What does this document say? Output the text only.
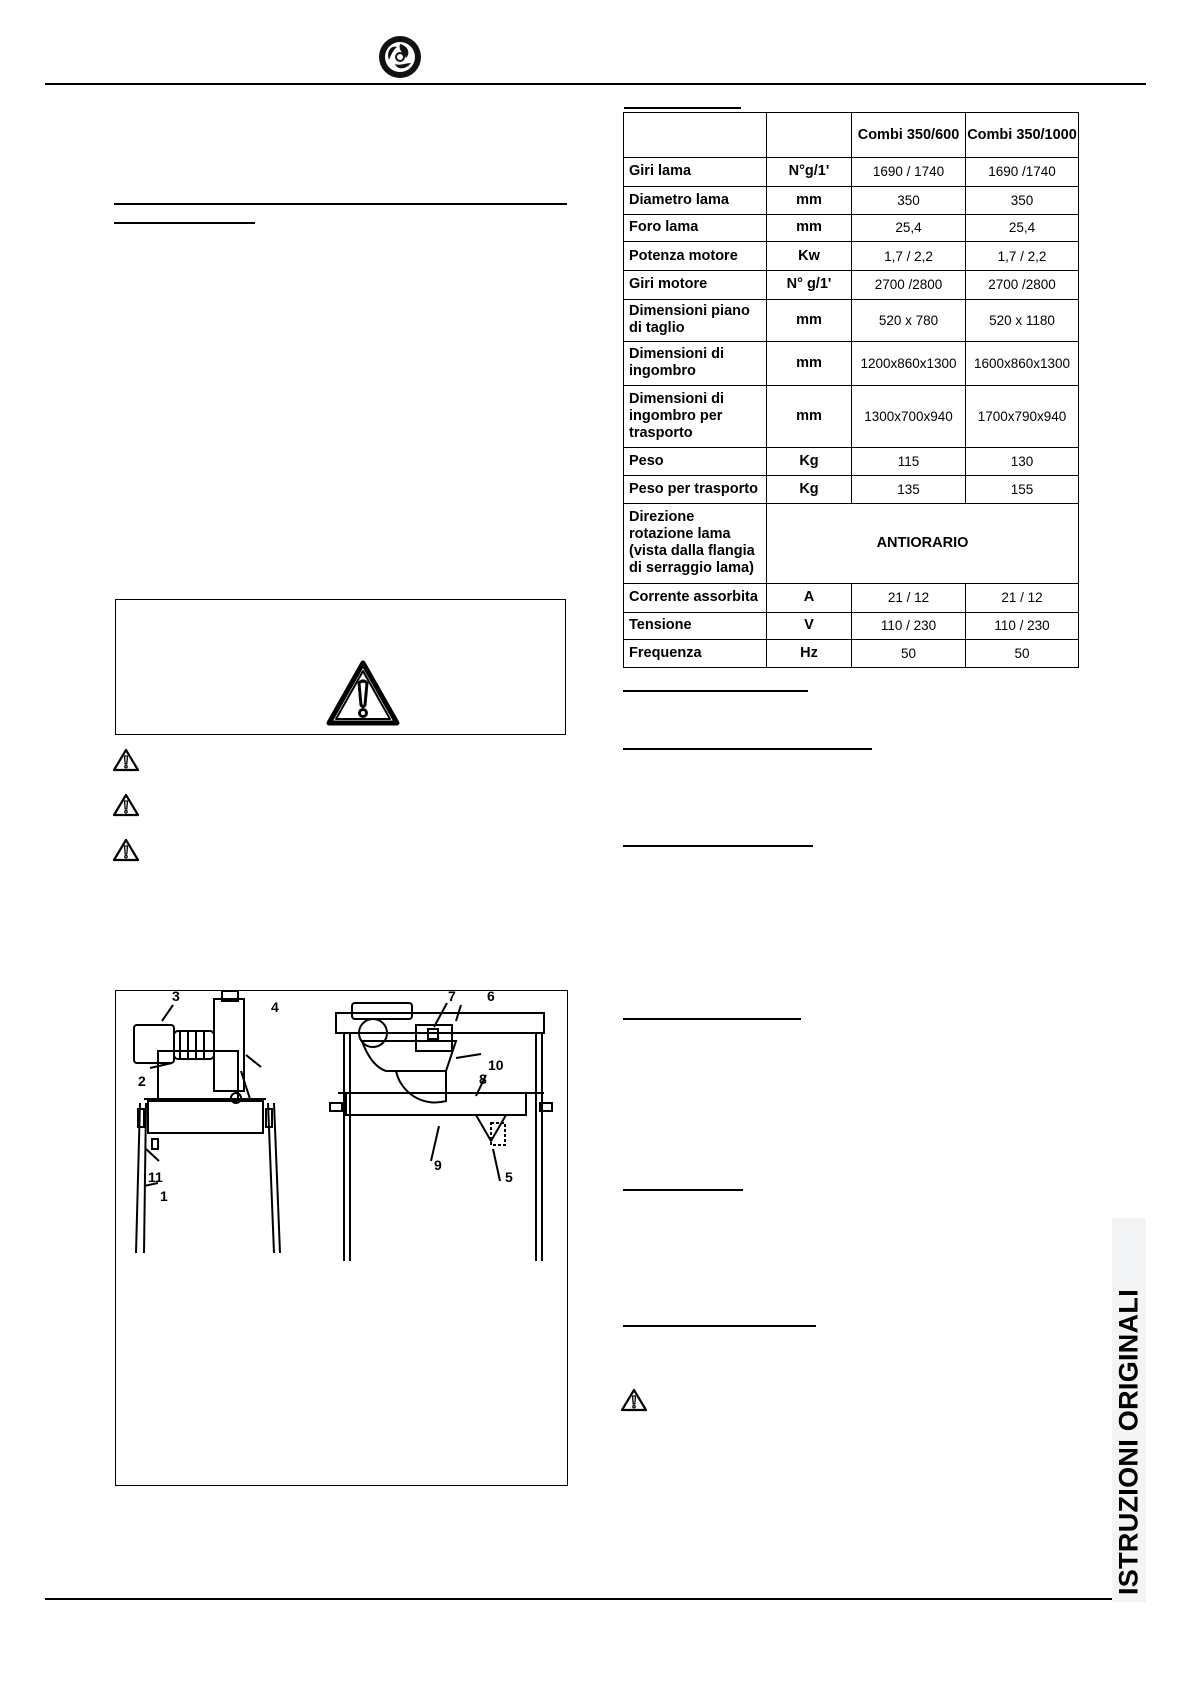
3
4
2
11
1
7 6
10
8
9
5
		Combi 350/600	Combi 350/1000
Giri lama	N°g/1'	1690 / 1740	1690 /1740
Diametro lama	mm	350	350
Foro lama	mm	25,4	25,4
Potenza motore	Kw	1,7 / 2,2	1,7 / 2,2
Giri motore	N° g/1'	2700 /2800	2700 /2800
Dimensioni piano di taglio	mm	520 x 780	520 x 1180
Dimensioni di ingombro	mm	1200x860x1300	1600x860x1300
Dimensioni di ingombro per trasporto	mm	1300x700x940	1700x790x940
Peso	Kg	115	130
Peso per trasporto	Kg	135	155
Direzione rotazione lama (vista dalla flangia di serraggio lama)	ANTIORARIO		
Corrente assorbita	A	21 / 12	21 / 12
Tensione	V	110 / 230	110 / 230
Frequenza	Hz	50	50
ISTRUZIONI ORIGINALI
